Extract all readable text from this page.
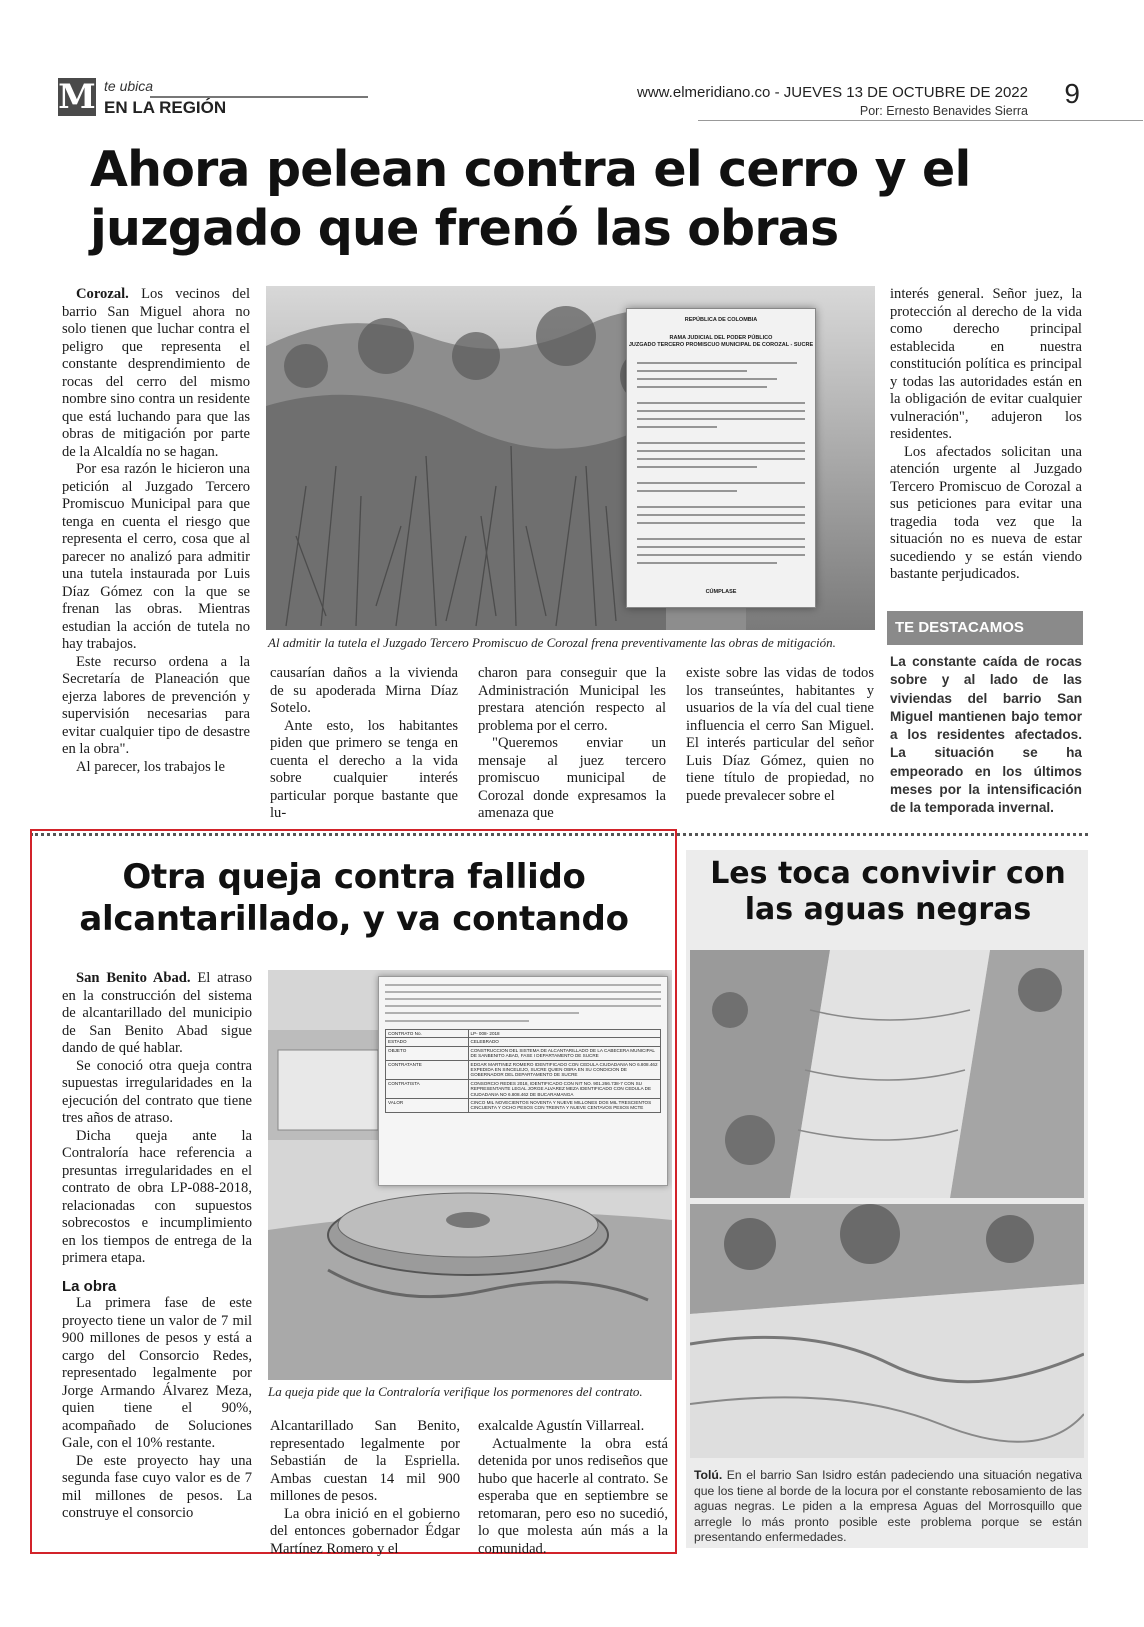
M te ubica
EN LA REGIÓN
www.elmeridiano.co - JUEVES 13 DE OCTUBRE DE 2022
Por: Ernesto Benavides Sierra
9
Ahora pelean contra el cerro y el juzgado que frenó las obras

Corozal. Los vecinos del barrio San Miguel ahora no solo tienen que luchar contra el peligro que representa el constante desprendimiento de rocas del cerro del mismo nombre sino contra un residente que está luchando para que las obras de mitigación por parte de la Alcaldía no se hagan.

Por esa razón le hicieron una petición al Juzgado Tercero Promiscuo Municipal para que tenga en cuenta el riesgo que representa el cerro, cosa que al parecer no analizó para admitir una tutela instaurada por Luis Díaz Gómez con la que se frenan las obras. Mientras estudian la acción de tutela no hay trabajos.

Este recurso ordena a la Secretaría de Planeación que ejerza labores de prevención y supervisión necesarias para evitar cualquier tipo de desastre en la obra".

Al parecer, los trabajos le

REPÚBLICA DE COLOMBIA
RAMA JUDICIAL DEL PODER PÚBLICO
JUZGADO TERCERO PROMISCUO MUNICIPAL DE COROZAL - SUCRE
CÚMPLASE
Al admitir la tutela el Juzgado Tercero Promiscuo de Corozal frena preventivamente las obras de mitigación.

causarían daños a la vivienda de su apoderada Mirna Díaz Sotelo.

Ante esto, los habitantes piden que primero se tenga en cuenta el derecho a la vida sobre cualquier interés particular porque bastante que lu-

charon para conseguir que la Administración Municipal les prestara atención respecto al problema por el cerro.

"Queremos enviar un mensaje al juez tercero promiscuo municipal de Corozal donde expresamos la amenaza que

existe sobre las vidas de todos los transeúntes, habitantes y usuarios de la vía del cual tiene influencia el cerro San Miguel. El interés particular del señor Luis Díaz Gómez, quien no tiene título de propiedad, no puede prevalecer sobre el

interés general. Señor juez, la protección al derecho de la vida como derecho principal establecida en nuestra constitución política es principal y todas las autoridades están en la obligación de evitar cualquier vulneración", adujeron los residentes.

Los afectados solicitan una atención urgente al Juzgado Tercero Promiscuo de Corozal a sus peticiones para evitar una tragedia toda vez que la situación no es nueva de estar sucediendo y se están viendo bastante perjudicados.

TE DESTACAMOS
La constante caída de rocas sobre y al lado de las viviendas del barrio San Miguel mantienen bajo temor a los residentes afectados. La situación se ha empeorado en los últimos meses por la intensificación de la temporada invernal.
Otra queja contra fallido alcantarillado, y va contando

San Benito Abad. El atraso en la construcción del sistema de alcantarillado del municipio de San Benito Abad sigue dando de qué hablar.

Se conoció otra queja contra supuestas irregularidades en la ejecución del contrato que tiene tres años de atraso.

Dicha queja ante la Contraloría hace referencia a presuntas irregularidades en el contrato de obra LP-088-2018, relacionadas con supuestos sobrecostos e incumplimiento en los tiempos de entrega de la primera etapa.

La obra

La primera fase de este proyecto tiene un valor de 7 mil 900 millones de pesos y está a cargo del Consorcio Redes, representado legalmente por Jorge Armando Álvarez Meza, quien tiene el 90%, acompañado de Soluciones Gale, con el 10% restante.

De este proyecto hay una segunda fase cuyo valor es de 7 mil millones de pesos. La construye el consorcio

CONTRATO No.	LP- 008- 2018
ESTADO	CELEBRADO
OBJETO	CONSTRUCCION DEL SISTEMA DE ALCANTARILLADO DE LA CABECERA MUNICIPAL DE SANBENITO ABAD, FASE I DEPARTAMENTO DE SUCRE
CONTRATANTE	EDGAR MARTINEZ ROMERO IDENTIFICADO CON CEDULA CIUDADANIA NO 6.808.462 EXPEDIDA EN SINCELEJO, SUCRE QUIEN OBRA EN SU CONDICION DE GOBERNADOR DEL DEPARTAMENTO DE SUCRE
CONTRATISTA	CONSORCIO REDES 2018, IDENTIFICADO CON NIT NO. 901.266.738-7 CON SU REPRESENTANTE LEGAL JORGE ALVAREZ MEZA IDENTIFICADO CON CEDULA DE CIUDADANIA NO 6.808.462 DE BUCARAMANGA
VALOR	CINCO MIL NOVECIENTOS NOVENTA Y NUEVE MILLONES DOS MIL TRESCIENTOS CINCUENTA Y OCHO PESOS CON TREINTA Y NUEVE CENTAVOS PESOS MCTE
La queja pide que la Contraloría verifique los pormenores del contrato.

Alcantarillado San Benito, representado legalmente por Sebastián de la Espriella. Ambas cuestan 14 mil 900 millones de pesos.

La obra inició en el gobierno del entonces gobernador Édgar Martínez Romero y el

exalcalde Agustín Villarreal.

Actualmente la obra está detenida por unos rediseños que hubo que hacerle al contrato. Se esperaba que en septiembre se retomaran, pero eso no sucedió, lo que molesta aún más a la comunidad.

Les toca convivir con las aguas negras
Tolú. En el barrio San Isidro están padeciendo una situación negativa que los tiene al borde de la locura por el constante rebosamiento de las aguas negras. Le piden a la empresa Aguas del Morrosquillo que arregle lo más pronto posible este problema porque se están presentando enfermedades.
